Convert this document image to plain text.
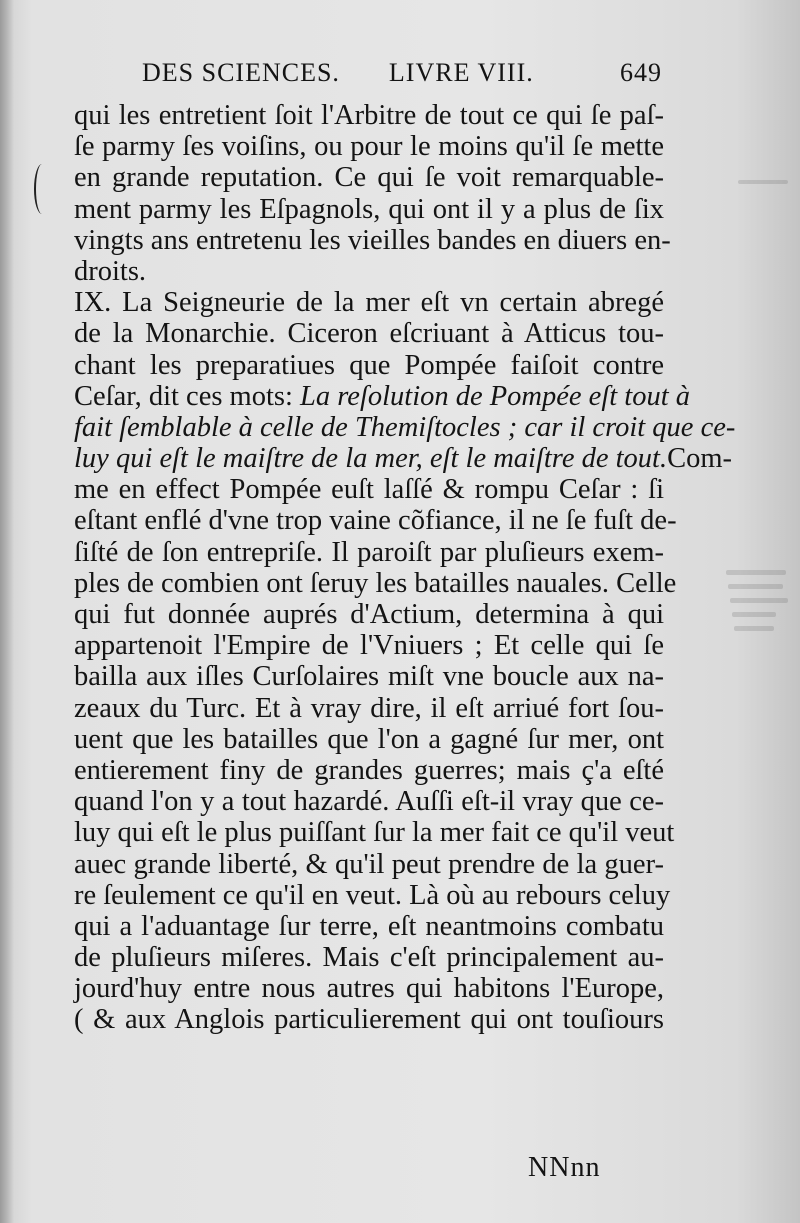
DES SCIENCES. LIVRE VIII.	649
qui les entretient ſoit l'Arbitre de tout ce qui ſe paſ-
ſe parmy ſes voiſins, ou pour le moins qu'il ſe mette
en grande reputation. Ce qui ſe voit remarquable-
ment parmy les Eſpagnols, qui ont il y a plus de ſix
vingts ans entretenu les vieilles bandes en diuers en-
droits.
IX. La Seigneurie de la mer eſt vn certain abregé
de la Monarchie. Ciceron eſcriuant à Atticus tou-
chant les preparatiues que Pompée faiſoit contre
Ceſar, dit ces mots: La reſolution de Pompée eſt tout à
fait ſemblable à celle de Themiſtocles ; car il croit que ce-
luy qui eſt le maiſtre de la mer, eſt le maiſtre de tout.Com-
me en effect Pompée euſt laſſé & rompu Ceſar : ſi
eſtant enflé d'vne trop vaine cõfiance, il ne ſe fuſt de-
ſiſté de ſon entrepriſe. Il paroiſt par pluſieurs exem-
ples de combien ont ſeruy les batailles nauales. Celle
qui fut donnée auprés d'Actium, determina à qui
appartenoit l'Empire de l'Vniuers ; Et celle qui ſe
bailla aux iſles Curſolaires miſt vne boucle aux na-
zeaux du Turc. Et à vray dire, il eſt arriué fort ſou-
uent que les batailles que l'on a gagné ſur mer, ont
entierement finy de grandes guerres; mais ç'a eſté
quand l'on y a tout hazardé. Auſſi eſt-il vray que ce-
luy qui eſt le plus puiſſant ſur la mer fait ce qu'il veut
auec grande liberté, & qu'il peut prendre de la guer-
re ſeulement ce qu'il en veut. Là où au rebours celuy
qui a l'aduantage ſur terre, eſt neantmoins combatu
de pluſieurs miſeres. Mais c'eſt principalement au-
jourd'huy entre nous autres qui habitons l'Europe,
( & aux Anglois particulierement qui ont touſiours
NNnn
